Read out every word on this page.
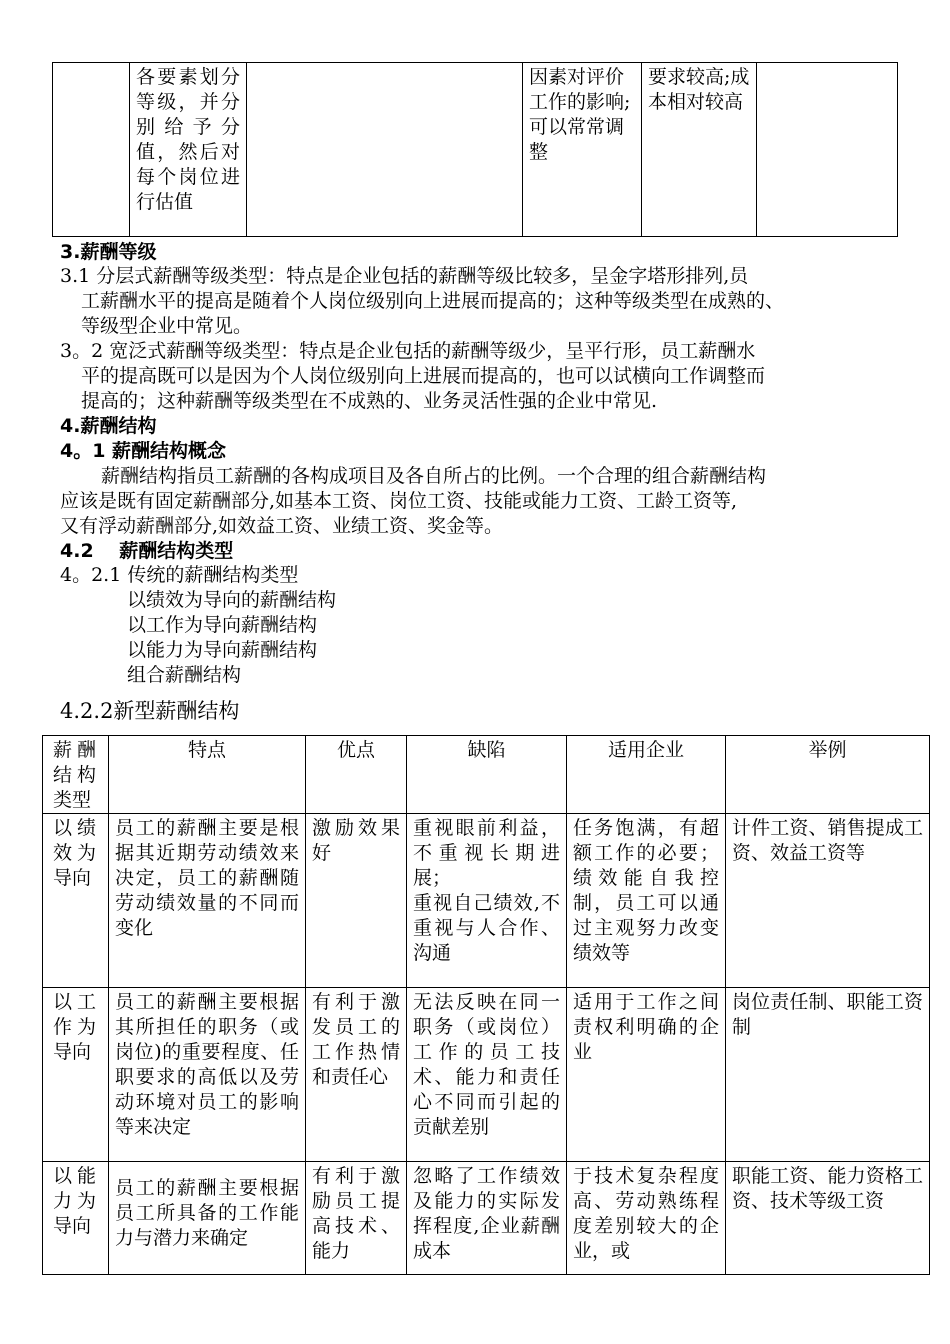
	各要素划分等级，并分别给予分值，然后对每个岗位进行估值		因素对评价工作的影响;可以常常调整	要求较高;成本相对较高	
3.薪酬等级
3.1 分层式薪酬等级类型：特点是企业包括的薪酬等级比较多，呈金字塔形排列,员
工薪酬水平的提高是随着个人岗位级别向上进展而提高的；这种等级类型在成熟的、
等级型企业中常见。
3。2 宽泛式薪酬等级类型：特点是企业包括的薪酬等级少，呈平行形，员工薪酬水
平的提高既可以是因为个人岗位级别向上进展而提高的，也可以试横向工作调整而
提高的；这种薪酬等级类型在不成熟的、业务灵活性强的企业中常见.
4.薪酬结构
4。1 薪酬结构概念
薪酬结构指员工薪酬的各构成项目及各自所占的比例。一个合理的组合薪酬结构
应该是既有固定薪酬部分,如基本工资、岗位工资、技能或能力工资、工龄工资等,
又有浮动薪酬部分,如效益工资、业绩工资、奖金等。
4.2　 薪酬结构类型
4。2.1 传统的薪酬结构类型
以绩效为导向的薪酬结构
以工作为导向薪酬结构
以能力为导向薪酬结构
组合薪酬结构
4.2.2新型薪酬结构
薪酬结构类型	特点	优点	缺陷	适用企业	举例
以绩效为导向	员工的薪酬主要是根据其近期劳动绩效来决定，员工的薪酬随劳动绩效量的不同而变化	激励效果好	重视眼前利益，不重视长期进展；
重视自己绩效,不重视与人合作、沟通	任务饱满，有超额工作的必要；绩效能自我控制，员工可以通过主观努力改变绩效等	计件工资、销售提成工资、效益工资等
以工作为导向	员工的薪酬主要根据其所担任的职务（或岗位)的重要程度、任职要求的高低以及劳动环境对员工的影响等来决定	有利于激发员工的工作热情和责任心	无法反映在同一职务（或岗位）工作的员工技术、能力和责任心不同而引起的贡献差别	适用于工作之间责权利明确的企业	岗位责任制、职能工资制
以能力为导向	员工的薪酬主要根据员工所具备的工作能力与潜力来确定	有利于激励员工提高技术、能力	忽略了工作绩效及能力的实际发挥程度,企业薪酬成本	于技术复杂程度高、劳动熟练程度差别较大的企业，或	职能工资、能力资格工资、技术等级工资
